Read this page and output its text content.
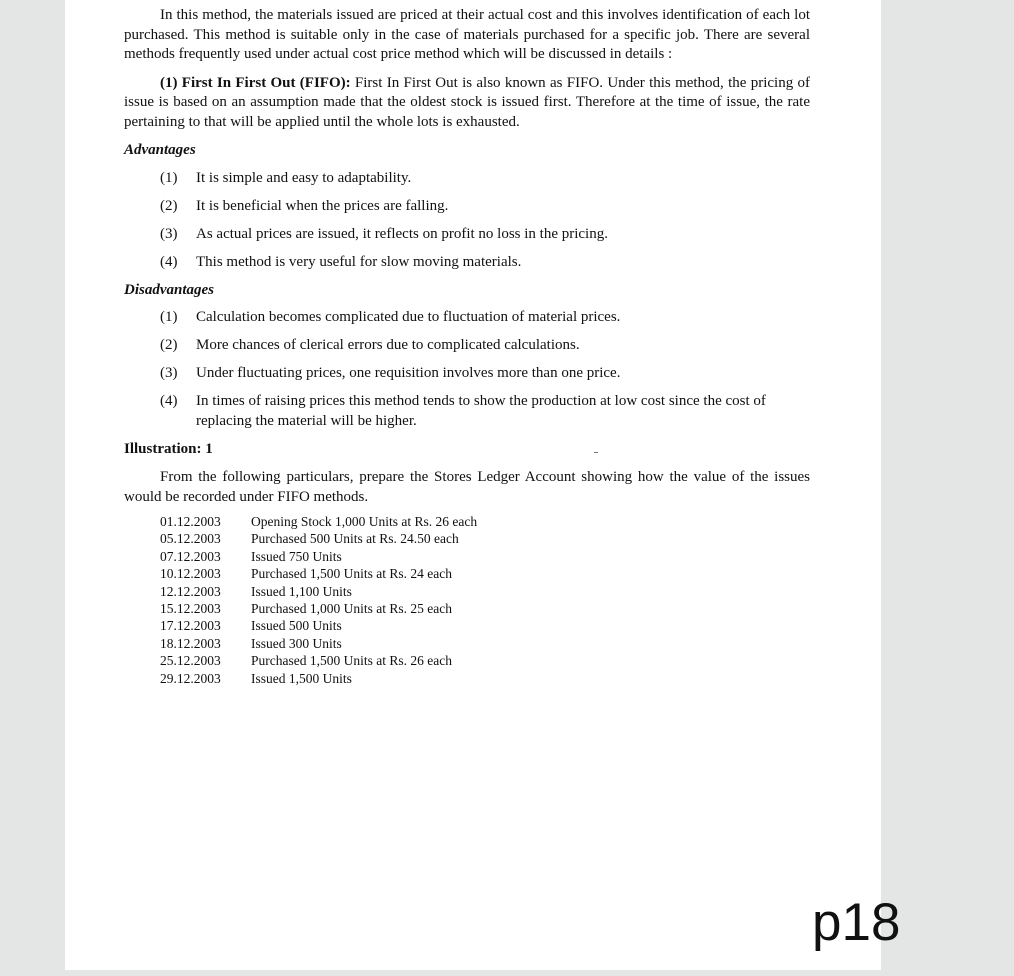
In this method, the materials issued are priced at their actual cost and this involves identification of each lot purchased. This method is suitable only in the case of materials purchased for a specific job. There are several methods frequently used under actual cost price method which will be discussed in details :

(1) First In First Out (FIFO): First In First Out is also known as FIFO. Under this method, the pricing of issue is based on an assumption made that the oldest stock is issued first. Therefore at the time of issue, the rate pertaining to that will be applied until the whole lots is exhausted.

Advantages
(1)	It is simple and easy to adaptability.
(2)	It is beneficial when the prices are falling.
(3)	As actual prices are issued, it reflects on profit no loss in the pricing.
(4)	This method is very useful for slow moving materials.
Disadvantages
(1)	Calculation becomes complicated due to fluctuation of material prices.
(2)	More chances of clerical errors due to complicated calculations.
(3)	Under fluctuating prices, one requisition involves more than one price.
(4)	In times of raising prices this method tends to show the production at low cost since the cost of replacing the material will be higher.
Illustration: 1

From the following particulars, prepare the Stores Ledger Account showing how the value of the issues would be recorded under FIFO methods.

01.12.2003	Opening Stock 1,000 Units at Rs. 26 each
05.12.2003	Purchased 500 Units at Rs. 24.50 each
07.12.2003	Issued 750 Units
10.12.2003	Purchased 1,500 Units at Rs. 24 each
12.12.2003	Issued 1,100 Units
15.12.2003	Purchased 1,000 Units at Rs. 25 each
17.12.2003	Issued 500 Units
18.12.2003	Issued 300 Units
25.12.2003	Purchased 1,500 Units at Rs. 26 each
29.12.2003	Issued 1,500 Units
p18
